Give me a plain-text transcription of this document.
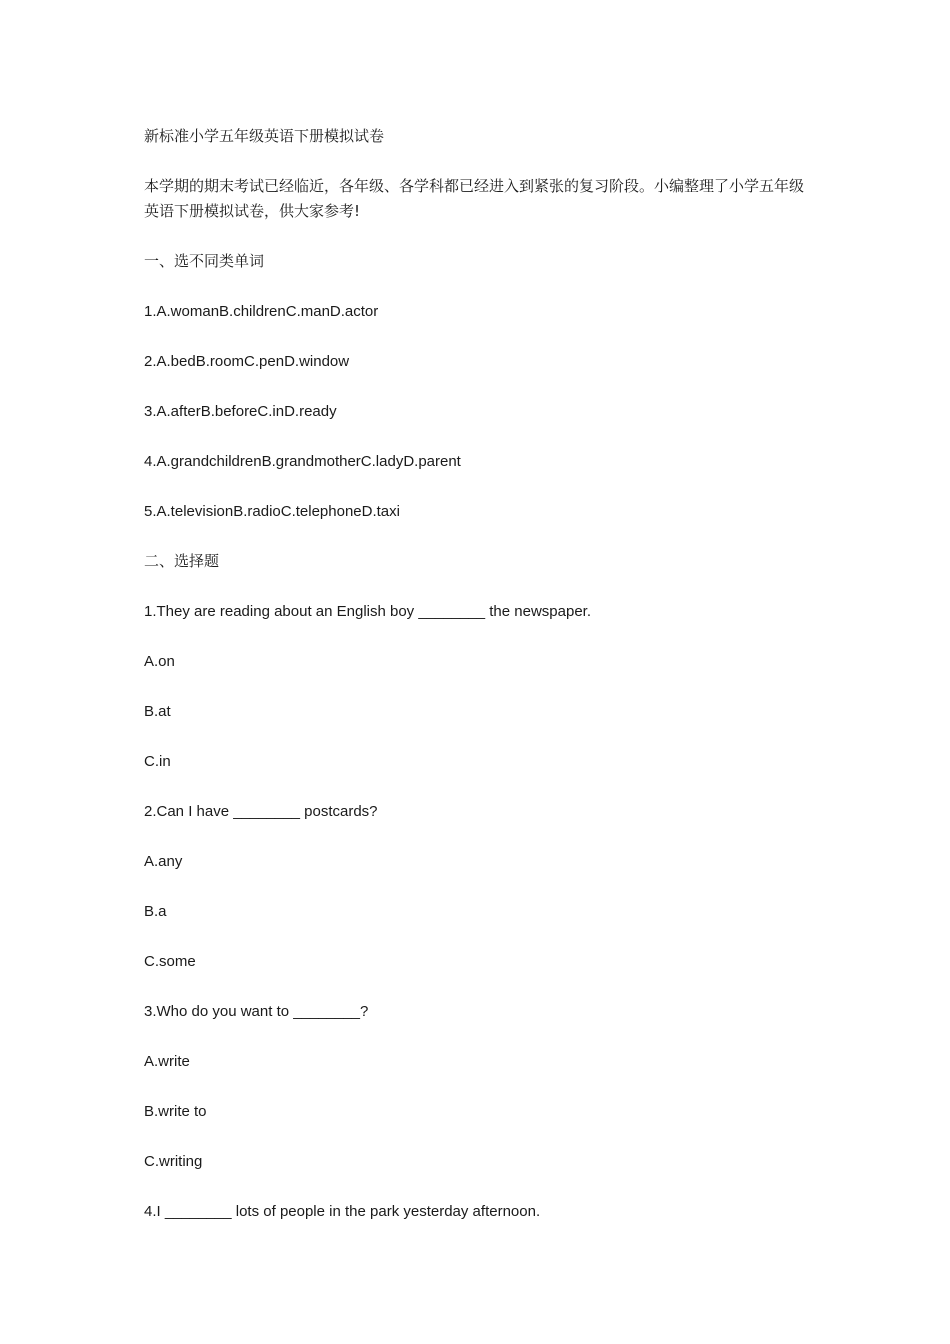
新标准小学五年级英语下册模拟试卷

本学期的期末考试已经临近，各年级、各学科都已经进入到紧张的复习阶段。小编整理了小学五年级英语下册模拟试卷，供大家参考!

一、选不同类单词

1.A.womanB.childrenC.manD.actor

2.A.bedB.roomC.penD.window

3.A.afterB.beforeC.inD.ready

4.A.grandchildrenB.grandmotherC.ladyD.parent

5.A.televisionB.radioC.telephoneD.taxi

二、选择题

1.They are reading about an English boy ________ the newspaper.

A.on

B.at

C.in

2.Can I have ________ postcards?

A.any

B.a

C.some

3.Who do you want to ________?

A.write

B.write to

C.writing

4.I ________ lots of people in the park yesterday afternoon.
